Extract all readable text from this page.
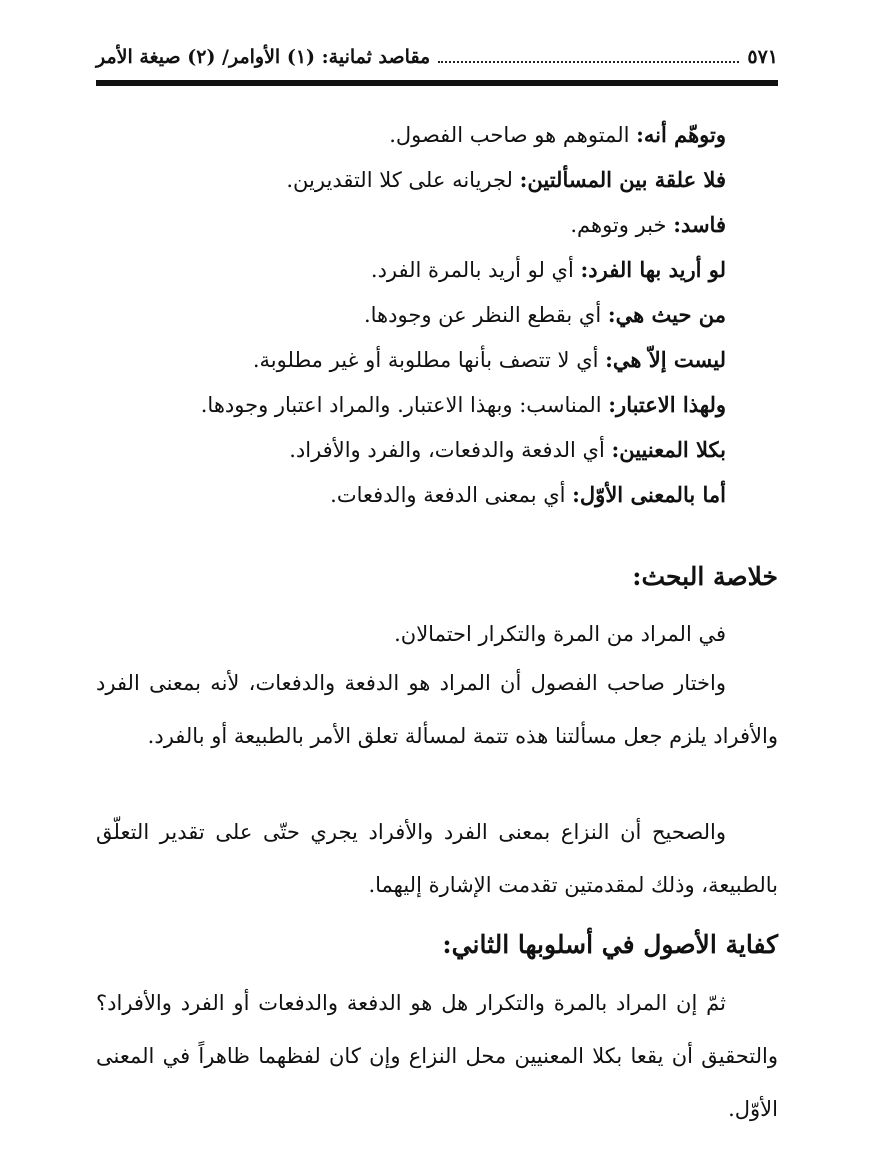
٥٧١
مقاصد ثمانية: (١) الأوامر/ (٢) صيغة الأمر
وتوهّم أنه: المتوهم هو صاحب الفصول.
فلا علقة بين المسألتين: لجريانه على كلا التقديرين.
فاسد: خبر وتوهم.
لو أريد بها الفرد: أي لو أريد بالمرة الفرد.
من حيث هي: أي بقطع النظر عن وجودها.
ليست إلاّ هي: أي لا تتصف بأنها مطلوبة أو غير مطلوبة.
ولهذا الاعتبار: المناسب: وبهذا الاعتبار. والمراد اعتبار وجودها.
بكلا المعنيين: أي الدفعة والدفعات، والفرد والأفراد.
أما بالمعنى الأوّل: أي بمعنى الدفعة والدفعات.
خلاصة البحث:

في المراد من المرة والتكرار احتمالان.

واختار صاحب الفصول أن المراد هو الدفعة والدفعات، لأنه بمعنى الفرد والأفراد يلزم جعل مسألتنا هذه تتمة لمسألة تعلق الأمر بالطبيعة أو بالفرد.

والصحيح أن النزاع بمعنى الفرد والأفراد يجري حتّى على تقدير التعلّق بالطبيعة، وذلك لمقدمتين تقدمت الإشارة إليهما.

كفاية الأصول في أسلوبها الثاني:

ثمّ إن المراد بالمرة والتكرار هل هو الدفعة والدفعات أو الفرد والأفراد؟ والتحقيق أن يقعا بكلا المعنيين محل النزاع وإن كان لفظهما ظاهراً في المعنى الأوّل.
